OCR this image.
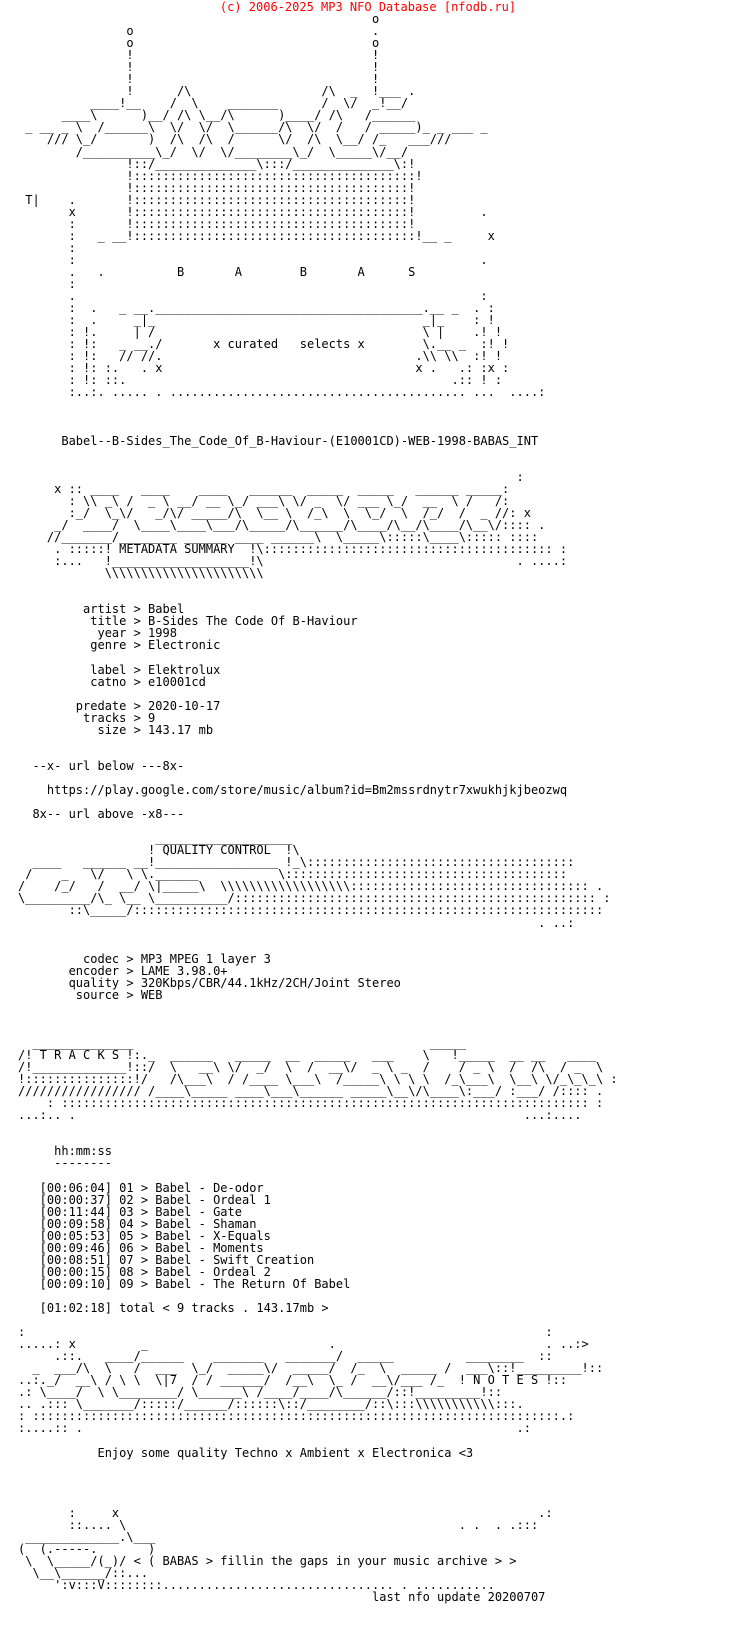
(c) 2006-2025 MP3 NFO Database [nfodb.ru]
o
o                                 .
o                                 o
!                                 !
!                                 !
!                                 !
!      /\                  /\  _  !___ .
____!__    /  \    _______      /  \/  _!__/
____\      )__/ /\ \__/\      )____/ /\   /______
_ __ _ \  /______\  \/  \/  \______/\  \/  /   / _____)_ _ ___ _
/// \_/       )  /\  /\  /      \/  /\  \__/ /_   ___///
/__________\_/  \/  \/________\_/  \_____\/__/
!::/______________\:::/______________\:!
!:::::::::::::::::::::::::::::::::::::::!
!::::::::::::::::::::::::::::::::::::::!
T|    .       !::::::::::::::::::::::::::::::::::::::!
x       !::::::::::::::::::::::::::::::::::::::!         .
:       !::::::::::::::::::::::::::::::::::::::!
:   _ __!:::::::::::::::::::::::::::::::::::::::!__ _     x
:
:                                                        .
.   .          B       A        B       A      S
:
.                                                        :
:  .   _ __._____________________________________.__ _  . :
:  .     _|_                                     _|_    : !
: !.     | /                                     \ |    .! !
: !:   _ __./       x curated   selects x        \.__ _  :! !
: !:   // //.                                   .\\ \\  :! !
: !: :.   . x                                   x .   .: :x :
: !: ::.                                             .:: ! :
:..:. ..... . ......................................... ...  ....:

Babel--B-Sides_The_Code_Of_B-Haviour-(E10001CD)-WEB-1998-BABAS_INT

:
x :: ____   ____    ____   ______  _____  _____   ______ _____:
: \\ _\ /  _ \ __/ __ \_/ ___\ \/ _  \/ ___ \_/  __  \ /   /:
:_/  \_\/   _/\/ _____/\  \__ \  /_\  \  \_/  \  /_/  /  _ //: x
_/  ____/  \____\____\___/\_____/\______/\____/\__/\____/\__\/:::: .
//_______/________ ______ ____ ______\  \_____\:::::\____\::::: ::::
. :::::! METADATA SUMMARY  !\:::::::::::::::::::::::::::::::::::::::: :
:...   !___________________!\                                   . ....:
\\\\\\\\\\\\\\\\\\\\\\

artist > Babel
title > B-Sides The Code Of B-Haviour
year > 1998
genre > Electronic

label > Elektrolux
catno > e10001cd

predate > 2020-10-17
tracks > 9
size > 143.17 mb

--x- url below ---8x-

https://play.google.com/store/music/album?id=Bm2mssrdnytr7xwukhjkjbeozwq

8x-- url above -x8---

___________________
! QUALITY CONTROL  !\
____   ______ __!_________________ !_\:::::::::::::::::::::::::::::::::::::
/    _   \/   \ \.______           \:::::::::::::::::::::::::::::::::::::::
/    /_/   /  __/ \|_____\  \\\\\\\\\\\\\\\\\\::::::::::::::::::::::::::::::::: .
\_________/\_ \__ \__________/:::::::::::::::::::::::::::::::::::::::::::::::::: :
::\_____/:::::::::::::::::::::::::::::::::::::::::::::::::::::::::::::::::
. ..:

codec > MP3 MPEG 1 layer 3
encoder > LAME 3.98.0+
quality > 320Kbps/CBR/44.1kHz/2CH/Joint Stereo
source > WEB

______________                                         _____
/! T R A C K S !:._  ______   _____  __  _____   ___    \   !_____  __ __   ____
/!_____________!::/  \   __\ \/  _/  \  /  __\/  _ \ _  /    / _ \  /  /\  / _  \
!:::::::::::::::!/   /\___\  / /____ \___\  /_____\ \ \ \  /_\___\  \__\ \/_\_\_\ :
///////////////// /____\_____ ____\___\______ _____\__\/\____\:___/ :___/ /:::: .
: ::::::::::::::::::::::::::::::::::::::::::::::::::::::::::::::::::::::::: :
...:.. .                                                              ...:....

hh:mm:ss
--------

[00:06:04] 01 > Babel - De-odor
[00:00:37] 02 > Babel - Ordeal 1
[00:11:44] 03 > Babel - Gate
[00:09:58] 04 > Babel - Shaman
[00:05:53] 05 > Babel - X-Equals
[00:09:46] 06 > Babel - Moments
[00:08:51] 07 > Babel - Swift Creation
[00:00:15] 08 > Babel - Ordeal 2
[00:09:10] 09 > Babel - The Return Of Babel

[01:02:18] total < 9 tracks . 143.17mb >

:                                                                        :
.....: x         _                         .                             . ..:>
.::.   ____/______    _______   _______/  _____          ________  ::
_  ___/\  \   /  ___  \_/  _____\/  _____/  /_  \  _____ /  ___\::!_________!::
..:._/  __\ / \ \  \|7  / / ______/  /__\  \_ /  __\/___ /_  ! N O T E S !::
.: \____/  \ \________/ \______\ /____/____/\______/::!_________!::
.. .::: \_______/:::::/______/::::::\::/________/::\:::\\\\\\\\\\\:::.
: :::::::::::::::::::::::::::::::::::::::::::::::::::::::::::::::::::::::::.:
:....:: .                                                            .:

Enjoy some quality Techno x Ambient x Electronica <3

:     x                                                          .:
::.... \                                              . .  . .:::
_____________.\___
(  (.-----.       )
\  \_____/(_)/ < ( BABAS > fillin the gaps in your music archive > >
\__\______/::...
':v:::V::::::::................................ . ...........
last nfo update 20200707
